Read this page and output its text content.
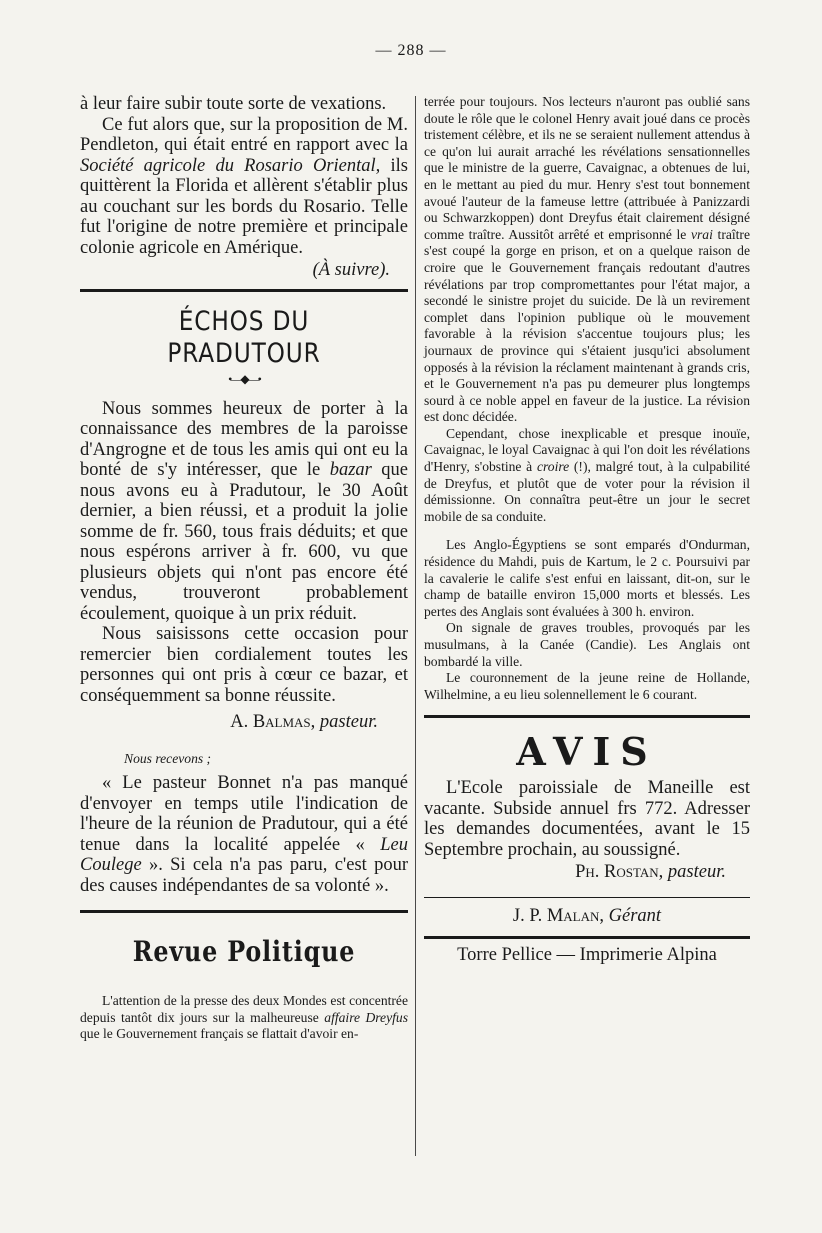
— 288 —

à leur faire subir toute sorte de vexations.

Ce fut alors que, sur la proposition de M. Pendleton, qui était entré en rapport avec la Société agricole du Rosario Oriental, ils quittèrent la Florida et allèrent s'établir plus au couchant sur les bords du Rosario. Telle fut l'origine de notre première et principale colonie agricole en Amérique.

(À suivre).

ÉCHOS DU PRADUTOUR
•—◆—•

Nous sommes heureux de porter à la connaissance des membres de la paroisse d'Angrogne et de tous les amis qui ont eu la bonté de s'y intéresser, que le bazar que nous avons eu à Pradutour, le 30 Août dernier, a bien réussi, et a produit la jolie somme de fr. 560, tous frais déduits; et que nous espérons arriver à fr. 600, vu que plusieurs objets qui n'ont pas encore été vendus, trouveront probablement écoulement, quoique à un prix réduit.

Nous saisissons cette occasion pour remercier bien cordialement toutes les personnes qui ont pris à cœur ce bazar, et conséquemment sa bonne réussite.

A. Balmas, pasteur.

Nous recevons ;

« Le pasteur Bonnet n'a pas manqué d'envoyer en temps utile l'indication de l'heure de la réunion de Pradutour, qui a été tenue dans la localité appelée « Leu Coulege ». Si cela n'a pas paru, c'est pour des causes indépendantes de sa volonté ».

Revue Politique

L'attention de la presse des deux Mondes est concentrée depuis tantôt dix jours sur la malheureuse affaire Dreyfus que le Gouvernement français se flattait d'avoir en-

terrée pour toujours. Nos lecteurs n'auront pas oublié sans doute le rôle que le colonel Henry avait joué dans ce procès tristement célèbre, et ils ne se seraient nullement attendus à ce qu'on lui aurait arraché les révélations sensationnelles que le ministre de la guerre, Cavaignac, a obtenues de lui, en le mettant au pied du mur. Henry s'est tout bonnement avoué l'auteur de la fameuse lettre (attribuée à Panizzardi ou Schwarzkoppen) dont Dreyfus était clairement désigné comme traître. Aussitôt arrêté et emprisonné le vrai traître s'est coupé la gorge en prison, et on a quelque raison de croire que le Gouvernement français redoutant d'autres révélations par trop compromettantes pour l'état major, a secondé le sinistre projet du suicide. De là un revirement complet dans l'opinion publique où le mouvement favorable à la révision s'accentue toujours plus; les journaux de province qui s'étaient jusqu'ici absolument opposés à la révision la réclament maintenant à grands cris, et le Gouvernement n'a pas pu demeurer plus longtemps sourd à ce noble appel en faveur de la justice. La révision est donc décidée.

Cependant, chose inexplicable et presque inouïe, Cavaignac, le loyal Cavaignac à qui l'on doit les révélations d'Henry, s'obstine à croire (!), malgré tout, à la culpabilité de Dreyfus, et plutôt que de voter pour la révision il démissionne. On connaîtra peut-être un jour le secret mobile de sa conduite.

Les Anglo-Égyptiens se sont emparés d'Ondurman, résidence du Mahdi, puis de Kartum, le 2 c. Poursuivi par la cavalerie le calife s'est enfui en laissant, dit-on, sur le champ de bataille environ 15,000 morts et blessés. Les pertes des Anglais sont évaluées à 300 h. environ.

On signale de graves troubles, provoqués par les musulmans, à la Canée (Candie). Les Anglais ont bombardé la ville.

Le couronnement de la jeune reine de Hollande, Wilhelmine, a eu lieu solennellement le 6 courant.

AVIS

L'Ecole paroissiale de Maneille est vacante. Subside annuel frs 772. Adresser les demandes documentées, avant le 15 Septembre prochain, au soussigné.

Ph. Rostan, pasteur.

J. P. Malan, Gérant

Torre Pellice — Imprimerie Alpina
